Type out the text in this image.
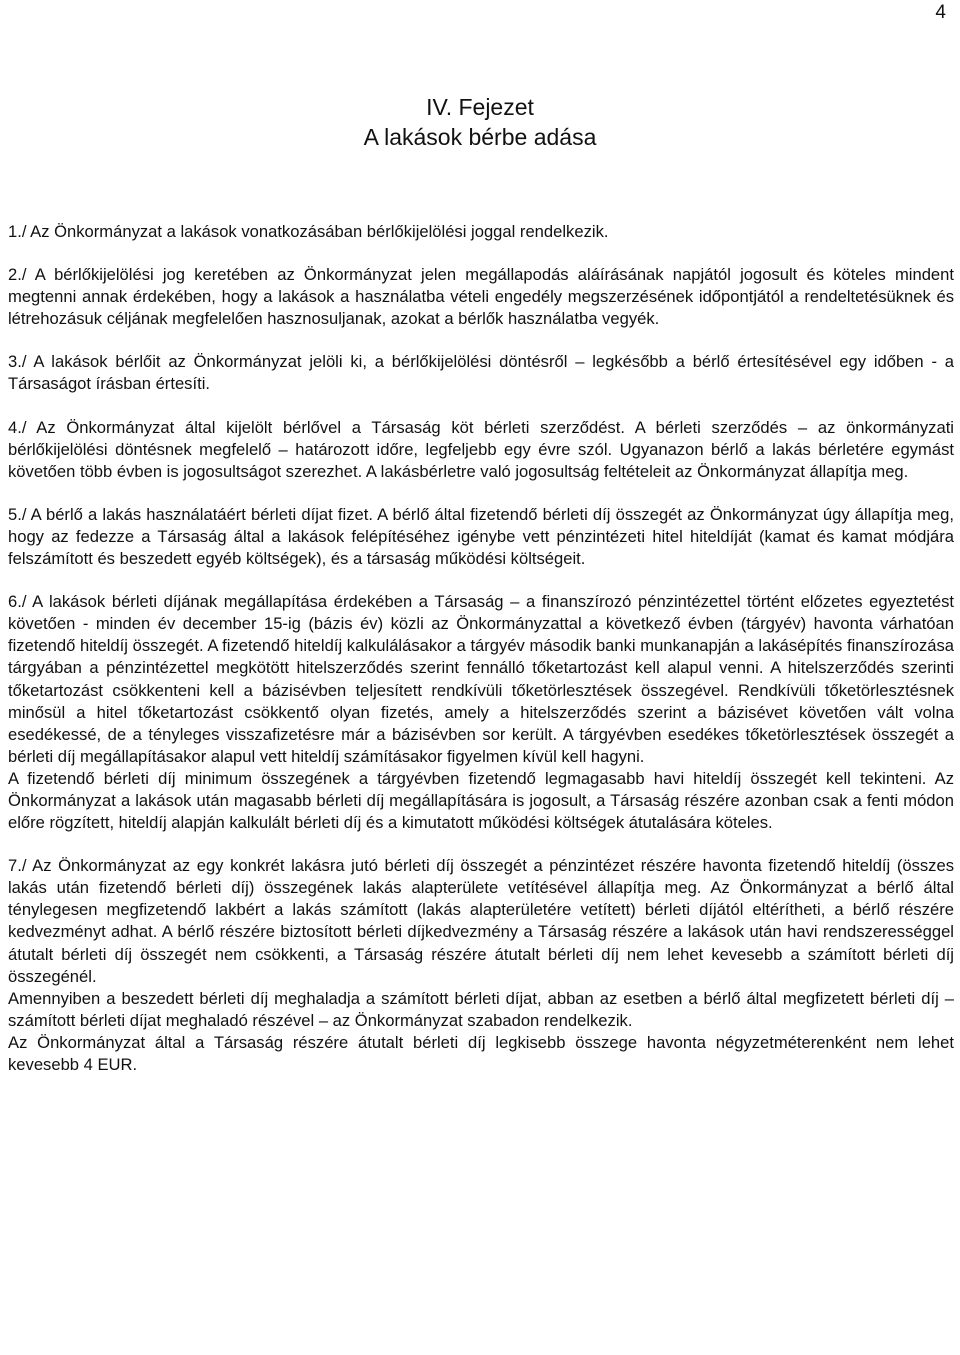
4
IV. Fejezet
A lakások bérbe adása

1./ Az Önkormányzat a lakások vonatkozásában bérlőkijelölési joggal rendelkezik.

2./ A bérlőkijelölési jog keretében az Önkormányzat jelen megállapodás aláírásának napjától jogosult és köteles mindent megtenni annak érdekében, hogy a lakások a használatba vételi engedély megszerzésének időpontjától a rendeltetésüknek és létrehozásuk céljának megfelelően hasznosuljanak, azokat a bérlők használatba vegyék.

3./ A lakások bérlőit az Önkormányzat jelöli ki, a bérlőkijelölési döntésről – legkésőbb a bérlő értesítésével egy időben - a Társaságot írásban értesíti.

4./ Az Önkormányzat által kijelölt bérlővel a Társaság köt bérleti szerződést. A bérleti szerződés – az önkormányzati bérlőkijelölési döntésnek megfelelő – határozott időre, legfeljebb egy évre szól. Ugyanazon bérlő a lakás bérletére egymást követően több évben is jogosultságot szerezhet. A lakásbérletre való jogosultság feltételeit az Önkormányzat állapítja meg.

5./ A bérlő a lakás használatáért bérleti díjat fizet. A bérlő által fizetendő bérleti díj összegét az Önkormányzat úgy állapítja meg, hogy az fedezze a Társaság által a lakások felépítéséhez igénybe vett pénzintézeti hitel hiteldíját (kamat és kamat módjára felszámított és beszedett egyéb költségek), és a társaság működési költségeit.

6./ A lakások bérleti díjának megállapítása érdekében a Társaság – a finanszírozó pénzintézettel történt előzetes egyeztetést követően - minden év december 15-ig (bázis év) közli az Önkormányzattal a következő évben (tárgyév) havonta várhatóan fizetendő hiteldíj összegét. A fizetendő hiteldíj kalkulálásakor a tárgyév második banki munkanapján a lakásépítés finanszírozása tárgyában a pénzintézettel megkötött hitelszerződés szerint fennálló tőketartozást kell alapul venni. A hitelszerződés szerinti tőketartozást csökkenteni kell a bázisévben teljesített rendkívüli tőketörlesztések összegével. Rendkívüli tőketörlesztésnek minősül a hitel tőketartozást csökkentő olyan fizetés, amely a hitelszerződés szerint a bázisévet követően vált volna esedékessé, de a tényleges visszafizetésre már a bázisévben sor került. A tárgyévben esedékes tőketörlesztések összegét a bérleti díj megállapításakor alapul vett hiteldíj számításakor figyelmen kívül kell hagyni.

A fizetendő bérleti díj minimum összegének a tárgyévben fizetendő legmagasabb havi hiteldíj összegét kell tekinteni. Az Önkormányzat a lakások után magasabb bérleti díj megállapítására is jogosult, a Társaság részére azonban csak a fenti módon előre rögzített, hiteldíj alapján kalkulált bérleti díj és a kimutatott működési költségek átutalására köteles.

7./ Az Önkormányzat az egy konkrét lakásra jutó bérleti díj összegét a pénzintézet részére havonta fizetendő hiteldíj (összes lakás után fizetendő bérleti díj) összegének lakás alapterülete vetítésével állapítja meg. Az Önkormányzat a bérlő által ténylegesen megfizetendő lakbért a lakás számított (lakás alapterületére vetített) bérleti díjától eltérítheti, a bérlő részére kedvezményt adhat. A bérlő részére biztosított bérleti díjkedvezmény a Társaság részére a lakások után havi rendszerességgel átutalt bérleti díj összegét nem csökkenti, a Társaság részére átutalt bérleti díj nem lehet kevesebb a számított bérleti díj összegénél.

Amennyiben a beszedett bérleti díj meghaladja a számított bérleti díjat, abban az esetben a bérlő által megfizetett bérleti díj – számított bérleti díjat meghaladó részével – az Önkormányzat szabadon rendelkezik.

Az Önkormányzat által a Társaság részére átutalt bérleti díj legkisebb összege havonta négyzetméterenként nem lehet kevesebb 4 EUR.
